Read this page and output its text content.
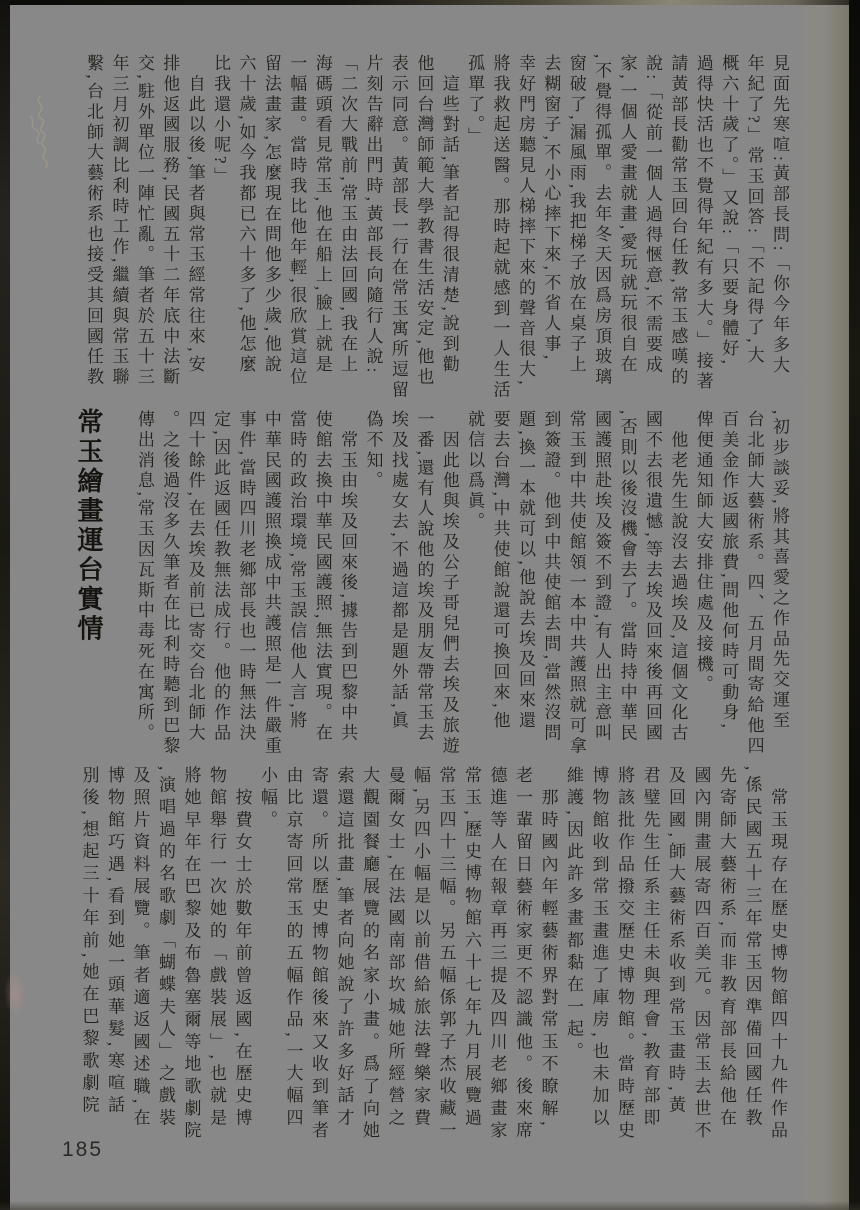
見面先寒喧:黃部長問:「你今年多大
年紀了?」常玉回答:「不記得了,大
概六十歲了。」又說:「只要身體好,
過得快活也不覺得年紀有多大。」接著
請黃部長勸常玉回台任教,常玉感嘆的
說:「從前一個人過得愜意,不需要成
家,一個人愛畫就畫,愛玩就玩很自在
,不覺得孤單。去年冬天因爲房頂玻璃
窗破了,漏風雨,我把梯子放在桌子上
去糊窗子,不小心摔下來,不省人事,
幸好門房聽見人梯摔下來的聲音很大,
將我救起送醫。那時起就感到一人生活
孤單了。」
　這些對話,筆者記得很清楚,說到勸
他回台灣師範大學教書生活安定,他也
表示同意。黃部長一行在常玉寓所逗留
片刻告辭出門時,黃部長向隨行人說:
「二次大戰前,常玉由法回國,我在上
海碼頭看見常玉,他在船上,臉上就是
一幅畫。當時我比他年輕,很欣賞這位
留法畫家,怎麼現在問他多少歲,他說
六十歲,如今我都已六十多了,他怎麼
比我還小呢?」
　自此以後,筆者與常玉經常往來,安
排他返國服務,民國五十二年底中法斷
交,駐外單位一陣忙亂。筆者於五十三
年三月初調比利時工作,繼續與常玉聯
繫,台北師大藝術系也接受其回國任教
常玉繪畫運台實情	,初步談妥,將其喜愛之作品先交運至
台北師大藝術系。四、五月間寄給他四
百美金作返國旅費,問他何時可動身,
俾便通知師大安排住處及接機。
　他老先生說沒去過埃及,這個文化古
國不去很遺憾,等去埃及回來後再回國
,否則以後沒機會去了。當時持中華民
國護照赴埃及簽不到證,有人出主意叫
常玉到中共使館領一本中共護照就可拿
到簽證。他到中共使館去問,當然沒問
題,換一本就可以,他說去埃及回來還
要去台灣,中共使館說還可換回來,他
就信以爲眞。
　因此他與埃及公子哥兒們去埃及旅遊
一番,還有人說他的埃及朋友帶常玉去
埃及找處女去,不過這都是題外話,眞
偽不知。
　常玉由埃及回來後,據告到巴黎中共
使館去換中華民國護照,無法實現。在
當時的政治環境,常玉誤信他人言,將
中華民國護照換成中共護照是一件嚴重
事件,當時四川老鄉部長也一時無法決
定,因此返國任教無法成行。他的作品
四十餘件,在去埃及前已寄交台北師大
。之後過沒多久筆者在比利時聽到巴黎
傳出消息,常玉因瓦斯中毒死在寓所。
　常玉現存在歷史博物館四十九件作品
,係民國五十三年常玉因準備回國任教
先寄師大藝術系,而非教育部長給他在
國內開畫展寄四百美元。因常玉去世不
及回國,師大藝術系收到常玉畫時,黃
君璧先生任系主任未與理會,教育部即
將該批作品撥交歷史博物館。當時歷史
博物館收到常玉畫進了庫房,也未加以
維護,因此許多畫都黏在一起。
　那時國內年輕藝術界對常玉不瞭解,
老一輩留日藝術家更不認識他。後來席
德進等人在報章再三提及四川老鄉畫家
常玉,歷史博物館六十七年九月展覽過
常玉四十三幅。另五幅係郭子杰收藏一
幅,另四小幅是以前借給旅法聲樂家費
曼爾女士,在法國南部坎城她所經營之
大觀園餐廳展覽的名家小畫。爲了向她
索還這批畫,筆者向她說了許多好話才
寄還。所以歷史博物館後來又收到筆者
由比京寄回常玉的五幅作品,一大幅四
小幅。
　按費女士於數年前曾返國,在歷史博
物館舉行一次她的「戲裝展」,也就是
將她早年在巴黎及布魯塞爾等地歌劇院
,演唱過的名歌劇「蝴蝶夫人」之戲裝
及照片資料展覽。筆者適返國述職,在
博物館巧遇,看到她一頭華髮,寒喧話
別後,想起三十年前,她在巴黎歌劇院
185
